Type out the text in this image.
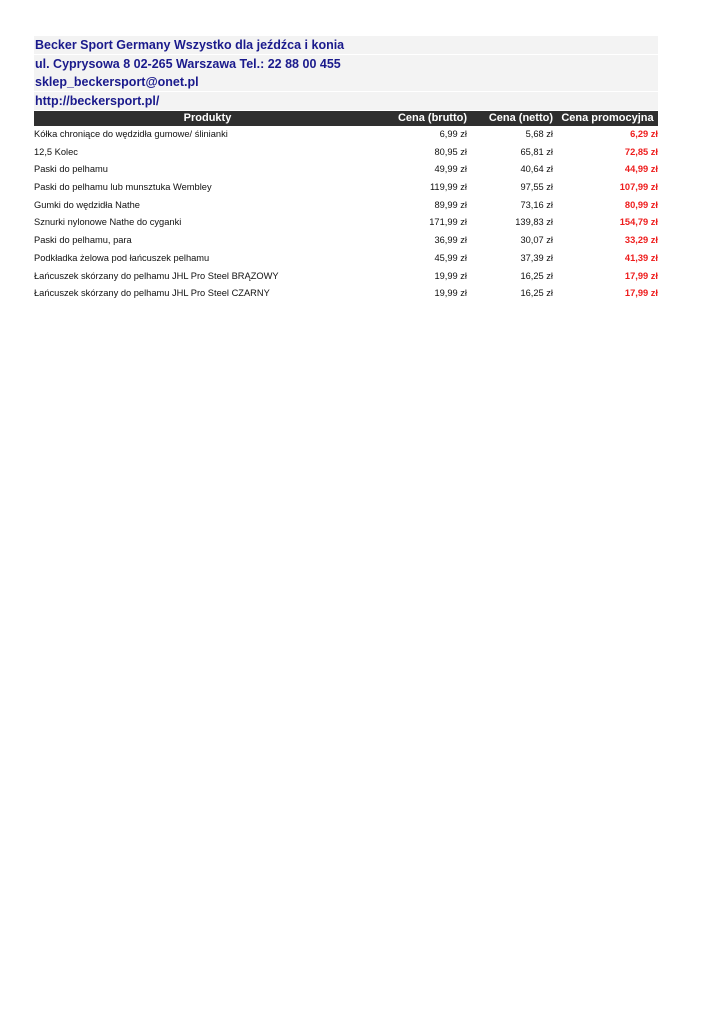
Becker Sport Germany Wszystko dla jeźdźca i konia
ul. Cyprysowa 8 02-265 Warszawa Tel.: 22 88 00 455
sklep_beckersport@onet.pl
http://beckersport.pl/
Produkty	Cena (brutto)	Cena (netto) Cena promocyjna
Kółka chroniące do wędzidła gumowe/ ślinianki	6,99 zł	5,68 zł	6,29 zł
12,5 Kolec	80,95 zł	65,81 zł	72,85 zł
Paski do pelhamu	49,99 zł	40,64 zł	44,99 zł
Paski do pelhamu lub munsztuka Wembley	119,99 zł	97,55 zł	107,99 zł
Gumki do wędzidła Nathe	89,99 zł	73,16 zł	80,99 zł
Sznurki nylonowe Nathe do cyganki	171,99 zł	139,83 zł	154,79 zł
Paski do pelhamu, para	36,99 zł	30,07 zł	33,29 zł
Podkładka żelowa pod łańcuszek pelhamu	45,99 zł	37,39 zł	41,39 zł
Łańcuszek skórzany do pelhamu JHL Pro Steel BRĄZOWY	19,99 zł	16,25 zł	17,99 zł
Łańcuszek skórzany do pelhamu JHL Pro Steel CZARNY	19,99 zł	16,25 zł	17,99 zł
